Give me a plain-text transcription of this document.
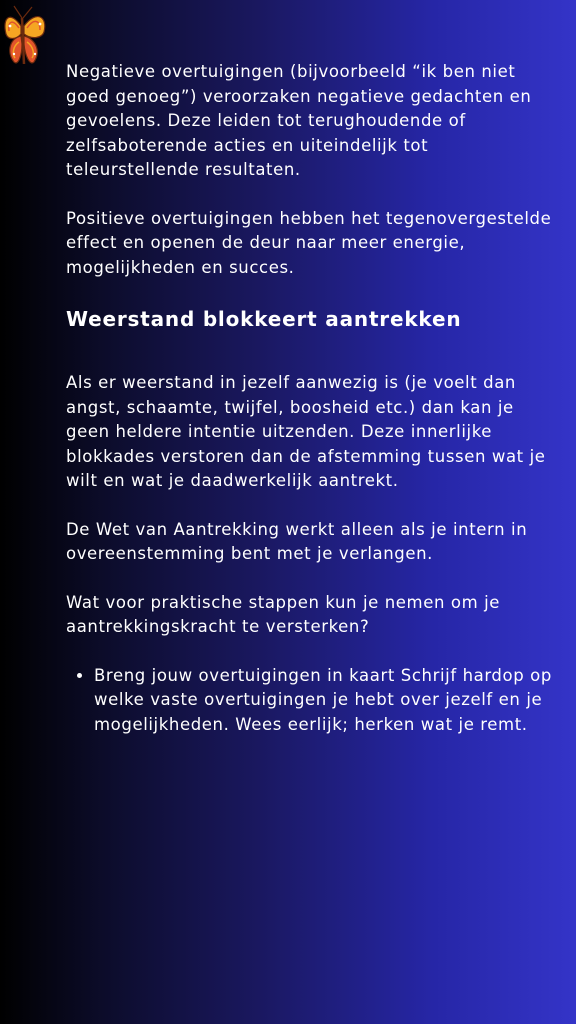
Negatieve overtuigingen (bijvoorbeeld “ik ben niet goed genoeg”) veroorzaken negatieve gedachten en gevoelens. Deze leiden tot terughoudende of zelfsaboterende acties en uiteindelijk tot teleurstellende resultaten.

Positieve overtuigingen hebben het tegenovergestelde effect en openen de deur naar meer energie, mogelijkheden en succes.

Weerstand blokkeert aantrekken

Als er weerstand in jezelf aanwezig is (je voelt dan angst, schaamte, twijfel, boosheid etc.) dan kan je geen heldere intentie uitzenden. Deze innerlijke blokkades verstoren dan de afstemming tussen wat je wilt en wat je daadwerkelijk aantrekt.

De Wet van Aantrekking werkt alleen als je intern in overeenstemming bent met je verlangen.

Wat voor praktische stappen kun je nemen om je aantrekkingskracht te versterken?

• Breng jouw overtuigingen in kaart Schrijf hardop op welke vaste overtuigingen je hebt over jezelf en je mogelijkheden. Wees eerlijk; herken wat je remt.
